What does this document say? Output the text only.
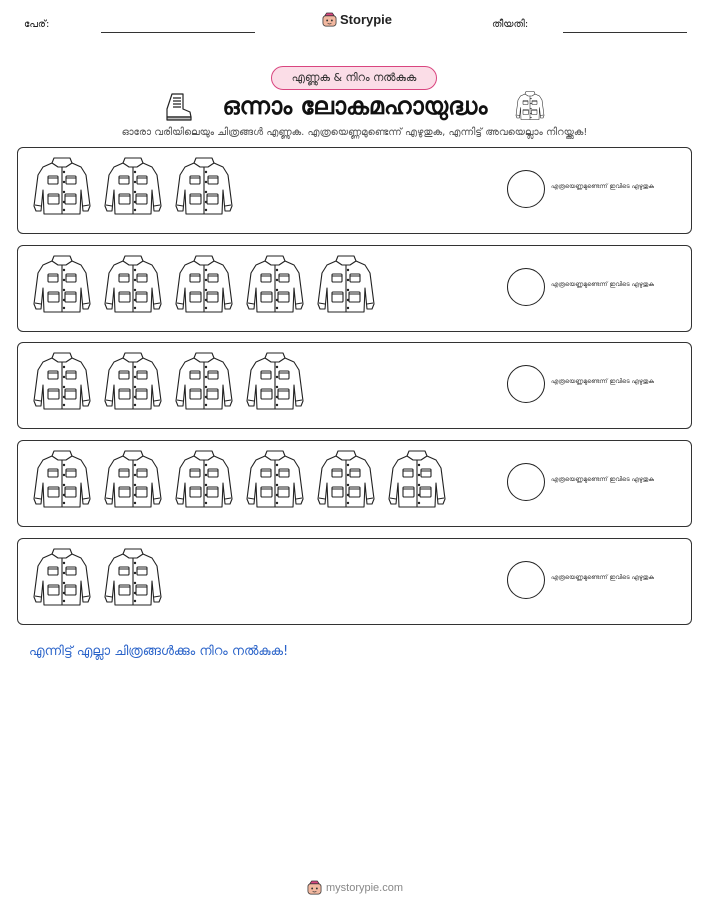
പേര്:	Storypie	തീയതി:
എണ്ണുക & നിറം നൽകുക
ഒന്നാം ലോകമഹായുദ്ധം
ഓരോ വരിയിലെയും ചിത്രങ്ങൾ എണ്ണുക. എത്രയെണ്ണമുണ്ടെന്ന് എഴുതുക, എന്നിട്ട് അവയെല്ലാം നിറയ്ക്കുക!
എത്രയെണ്ണമുണ്ടെന്ന് ഇവിടെ എഴുതുക
എത്രയെണ്ണമുണ്ടെന്ന് ഇവിടെ എഴുതുക
എത്രയെണ്ണമുണ്ടെന്ന് ഇവിടെ എഴുതുക
എത്രയെണ്ണമുണ്ടെന്ന് ഇവിടെ എഴുതുക
എത്രയെണ്ണമുണ്ടെന്ന് ഇവിടെ എഴുതുക
എന്നിട്ട് എല്ലാ ചിത്രങ്ങൾക്കും നിറം നൽകുക!
mystorypie.com
